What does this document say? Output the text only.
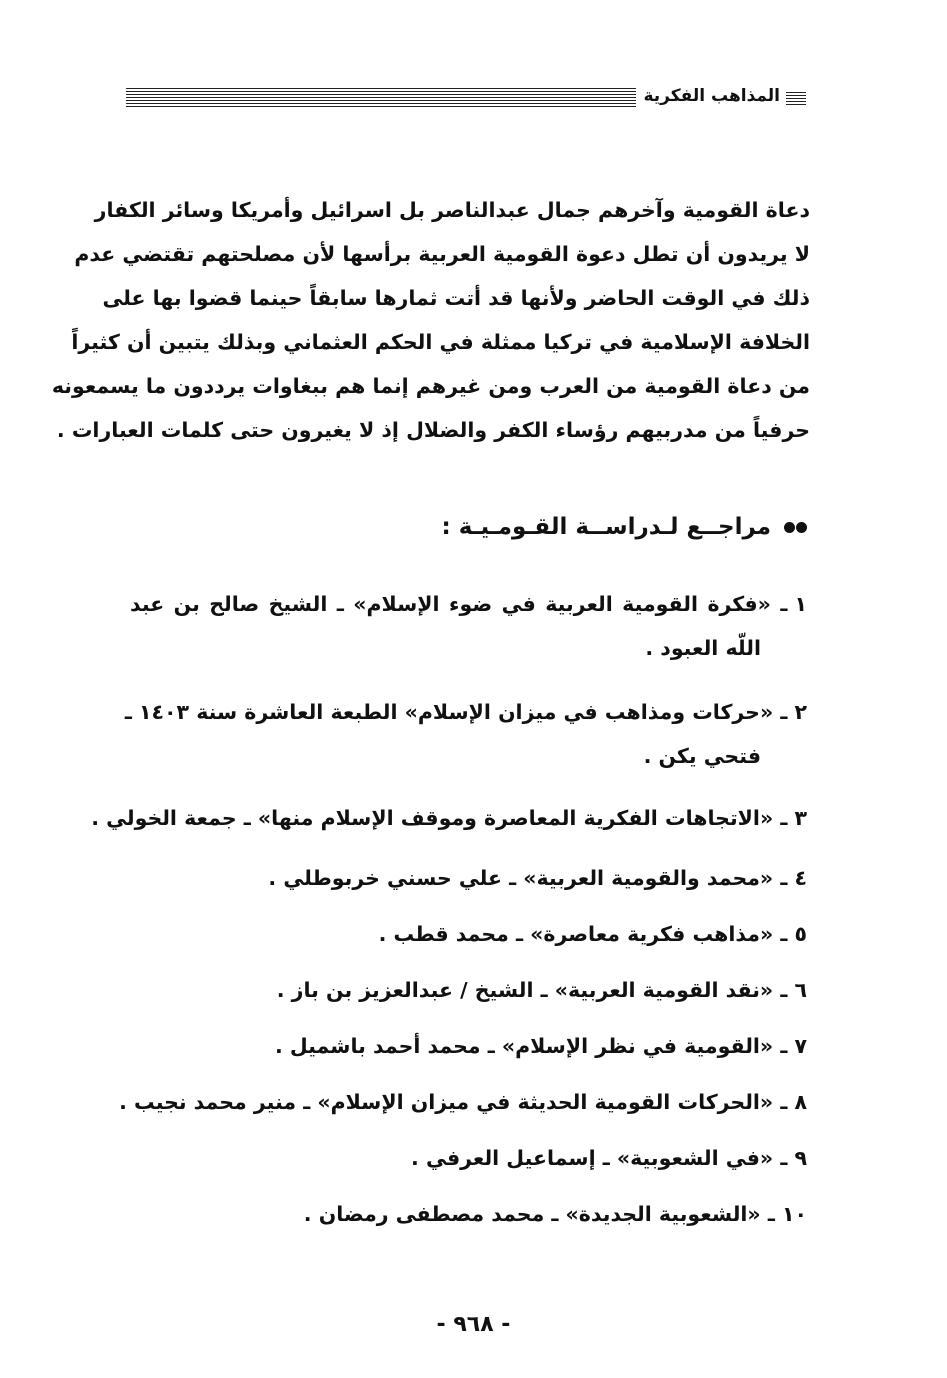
المذاهب الفكرية
دعاة القومية وآخرهم جمال عبدالناصر بل اسرائيل وأمريكا وسائر الكفار
لا يريدون أن تطل دعوة القومية العربية برأسها لأن مصلحتهم تقتضي عدم
ذلك في الوقت الحاضر ولأنها قد أتت ثمارها سابقاً حينما قضوا بها على
الخلافة الإسلامية في تركيا ممثلة في الحكم العثماني وبذلك يتبين أن كثيراً
من دعاة القومية من العرب ومن غيرهم إنما هم ببغاوات يرددون ما يسمعونه
حرفياً من مدربيهم رؤساء الكفر والضلال إذ لا يغيرون حتى كلمات العبارات .
مراجــع لـدراســة القـومـيـة :
١ ـ «فكرة القومية العربية في ضوء الإسلام» ـ الشيخ صالح بن عبد
اللّه العبود .
٢ ـ «حركات ومذاهب في ميزان الإسلام» الطبعة العاشرة سنة ١٤٠٣ ـ
فتحي يكن .
٣ ـ «الاتجاهات الفكرية المعاصرة وموقف الإسلام منها» ـ جمعة الخولي .
٤ ـ «محمد والقومية العربية» ـ علي حسني خربوطلي .
٥ ـ «مذاهب فكرية معاصرة» ـ محمد قطب .
٦ ـ «نقد القومية العربية» ـ الشيخ / عبدالعزيز بن باز .
٧ ـ «القومية في نظر الإسلام» ـ محمد أحمد باشميل .
٨ ـ «الحركات القومية الحديثة في ميزان الإسلام» ـ منير محمد نجيب .
٩ ـ «في الشعوبية» ـ إسماعيل العرفي .
١٠ ـ «الشعوبية الجديدة» ـ محمد مصطفى رمضان .
- ٩٦٨ -
